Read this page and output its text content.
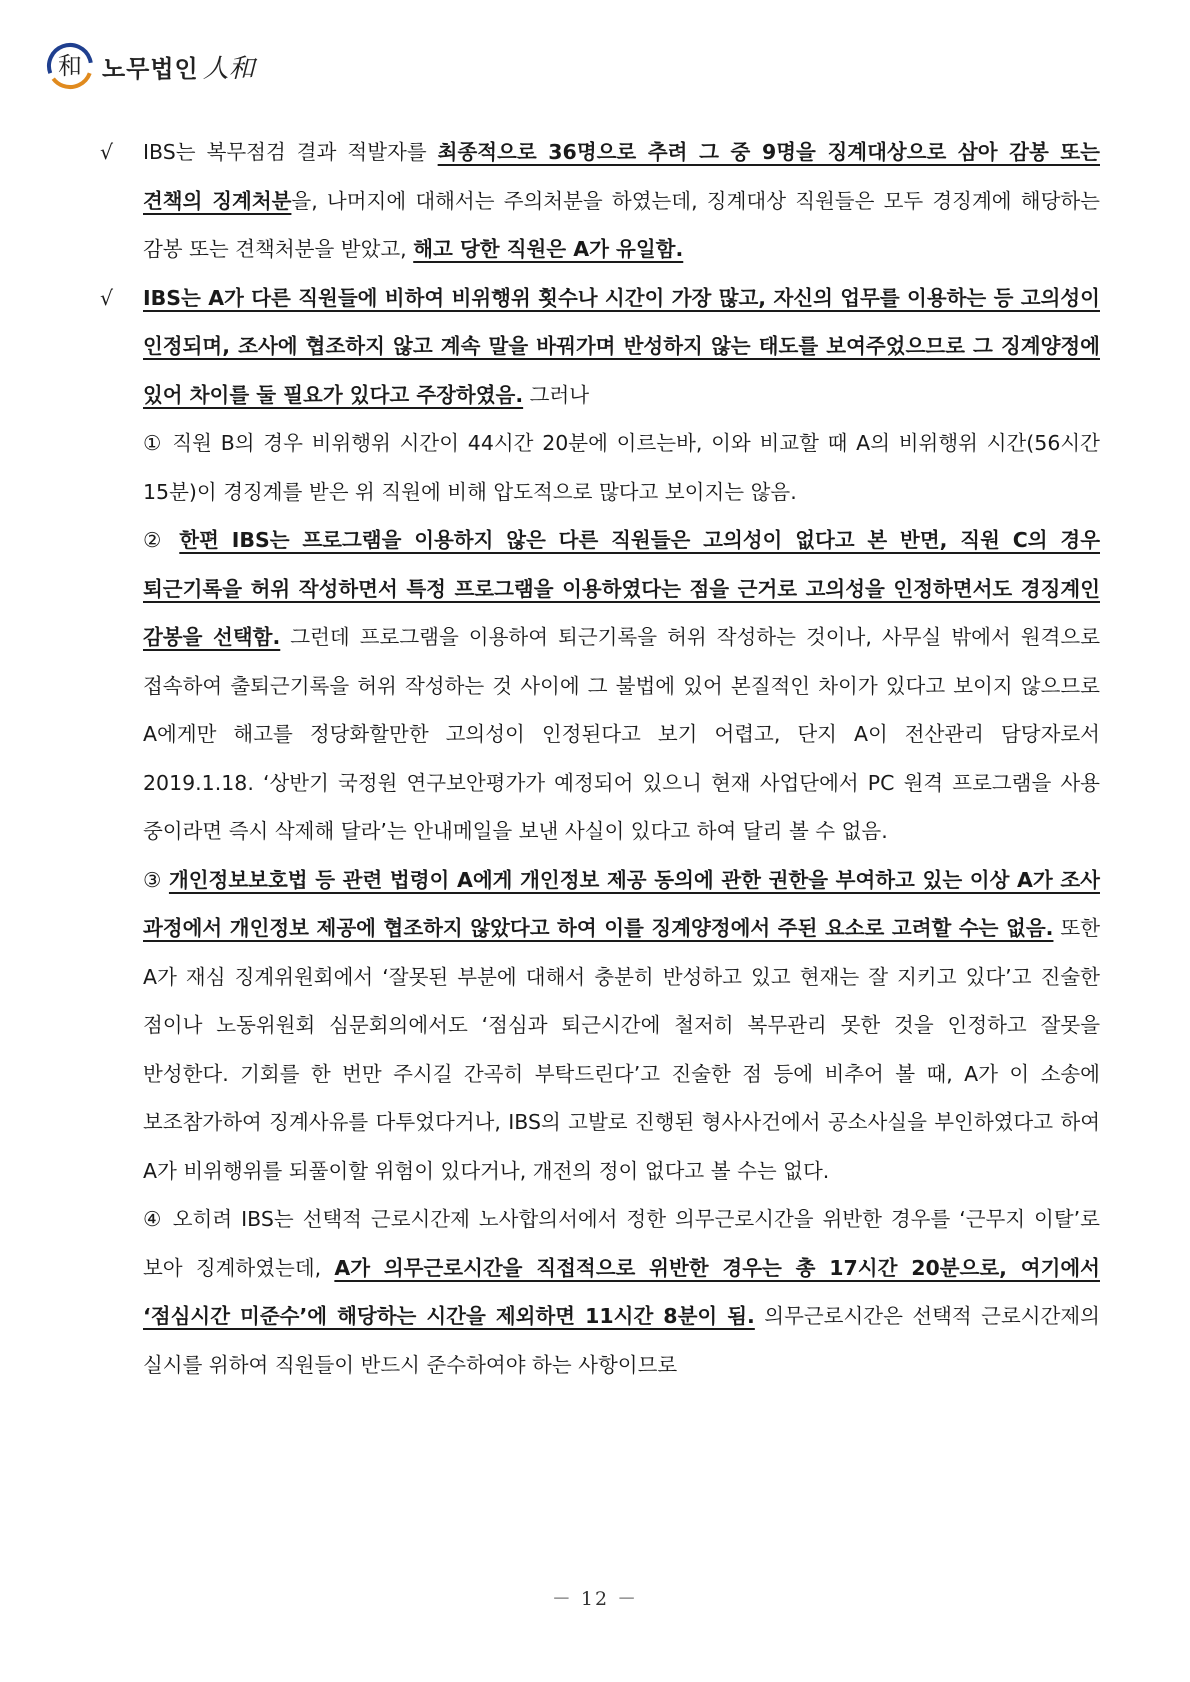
和 노무법인 人和
√ IBS는 복무점검 결과 적발자를 최종적으로 36명으로 추려 그 중 9명을 징계대상으로 삼아 감봉 또는 견책의 징계처분을, 나머지에 대해서는 주의처분을 하였는데, 징계대상 직원들은 모두 경징계에 해당하는 감봉 또는 견책처분을 받았고, 해고 당한 직원은 A가 유일함.
√ IBS는 A가 다른 직원들에 비하여 비위행위 횟수나 시간이 가장 많고, 자신의 업무를 이용하는 등 고의성이 인정되며, 조사에 협조하지 않고 계속 말을 바꿔가며 반성하지 않는 태도를 보여주었으므로 그 징계양정에 있어 차이를 둘 필요가 있다고 주장하였음. 그러나
① 직원 B의 경우 비위행위 시간이 44시간 20분에 이르는바, 이와 비교할 때 A의 비위행위 시간(56시간 15분)이 경징계를 받은 위 직원에 비해 압도적으로 많다고 보이지는 않음.
② 한편 IBS는 프로그램을 이용하지 않은 다른 직원들은 고의성이 없다고 본 반면, 직원 C의 경우 퇴근기록을 허위 작성하면서 특정 프로그램을 이용하였다는 점을 근거로 고의성을 인정하면서도 경징계인 감봉을 선택함. 그런데 프로그램을 이용하여 퇴근기록을 허위 작성하는 것이나, 사무실 밖에서 원격으로 접속하여 출퇴근기록을 허위 작성하는 것 사이에 그 불법에 있어 본질적인 차이가 있다고 보이지 않으므로 A에게만 해고를 정당화할만한 고의성이 인정된다고 보기 어렵고, 단지 A이 전산관리 담당자로서 2019.1.18. ‘상반기 국정원 연구보안평가가 예정되어 있으니 현재 사업단에서 PC 원격 프로그램을 사용 중이라면 즉시 삭제해 달라’는 안내메일을 보낸 사실이 있다고 하여 달리 볼 수 없음.
③ 개인정보보호법 등 관련 법령이 A에게 개인정보 제공 동의에 관한 권한을 부여하고 있는 이상 A가 조사 과정에서 개인정보 제공에 협조하지 않았다고 하여 이를 징계양정에서 주된 요소로 고려할 수는 없음. 또한 A가 재심 징계위원회에서 ‘잘못된 부분에 대해서 충분히 반성하고 있고 현재는 잘 지키고 있다’고 진술한 점이나 노동위원회 심문회의에서도 ‘점심과 퇴근시간에 철저히 복무관리 못한 것을 인정하고 잘못을 반성한다. 기회를 한 번만 주시길 간곡히 부탁드린다’고 진술한 점 등에 비추어 볼 때, A가 이 소송에 보조참가하여 징계사유를 다투었다거나, IBS의 고발로 진행된 형사사건에서 공소사실을 부인하였다고 하여 A가 비위행위를 되풀이할 위험이 있다거나, 개전의 정이 없다고 볼 수는 없다.
④ 오히려 IBS는 선택적 근로시간제 노사합의서에서 정한 의무근로시간을 위반한 경우를 ‘근무지 이탈’로 보아 징계하였는데, A가 의무근로시간을 직접적으로 위반한 경우는 총 17시간 20분으로, 여기에서 ‘점심시간 미준수’에 해당하는 시간을 제외하면 11시간 8분이 됨. 의무근로시간은 선택적 근로시간제의 실시를 위하여 직원들이 반드시 준수하여야 하는 사항이므로
－ 12 －
